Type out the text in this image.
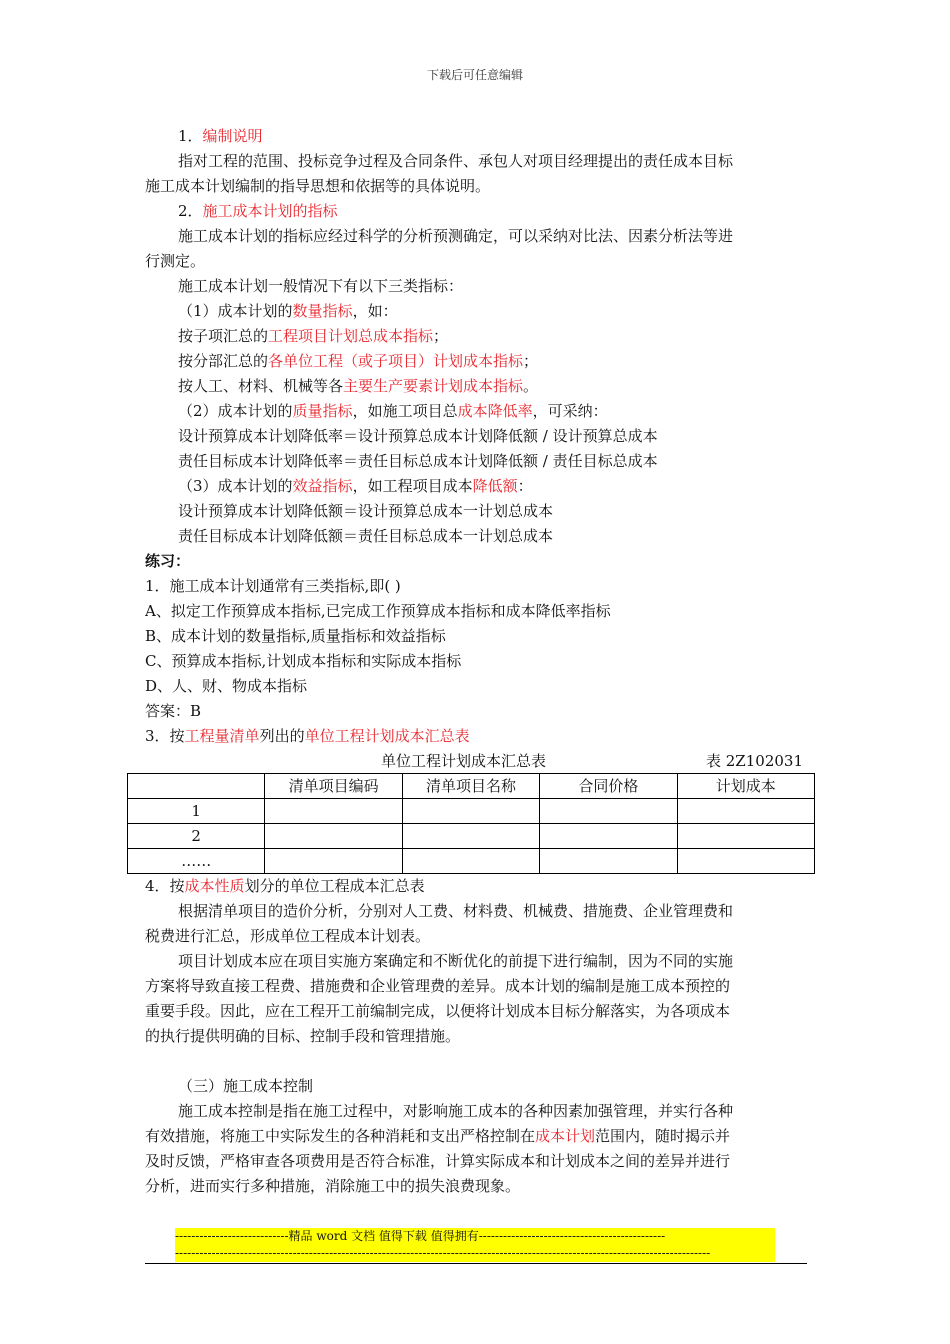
下载后可任意编辑
1．编制说明
指对工程的范围、投标竞争过程及合同条件、承包人对项目经理提出的责任成本目标
施工成本计划编制的指导思想和依据等的具体说明。
2．施工成本计划的指标
施工成本计划的指标应经过科学的分析预测确定，可以采纳对比法、因素分析法等进
行测定。
施工成本计划一般情况下有以下三类指标：
（1）成本计划的数量指标，如：
按子项汇总的工程项目计划总成本指标；
按分部汇总的各单位工程（或子项目）计划成本指标；
按人工、材料、机械等各主要生产要素计划成本指标。
（2）成本计划的质量指标，如施工项目总成本降低率，可采纳：
设计预算成本计划降低率＝设计预算总成本计划降低额 / 设计预算总成本
责任目标成本计划降低率＝责任目标总成本计划降低额 / 责任目标总成本
（3）成本计划的效益指标，如工程项目成本降低额：
设计预算成本计划降低额＝设计预算总成本一计划总成本
责任目标成本计划降低额＝责任目标总成本一计划总成本
练习：
1．施工成本计划通常有三类指标,即( )
A、拟定工作预算成本指标,已完成工作预算成本指标和成本降低率指标
B、成本计划的数量指标,质量指标和效益指标
C、预算成本指标,计划成本指标和实际成本指标
D、人、财、物成本指标
答案：B
3．按工程量清单列出的单位工程计划成本汇总表
单位工程计划成本汇总表	表 2Z102031
	清单项目编码	清单项目名称	合同价格	计划成本
1				
2				
……				
4．按成本性质划分的单位工程成本汇总表
根据清单项目的造价分析，分别对人工费、材料费、机械费、措施费、企业管理费和
税费进行汇总，形成单位工程成本计划表。
项目计划成本应在项目实施方案确定和不断优化的前提下进行编制，因为不同的实施
方案将导致直接工程费、措施费和企业管理费的差异。成本计划的编制是施工成本预控的
重要手段。因此，应在工程开工前编制完成，以便将计划成本目标分解落实，为各项成本
的执行提供明确的目标、控制手段和管理措施。
（三）施工成本控制
施工成本控制是指在施工过程中，对影响施工成本的各种因素加强管理，并实行各种
有效措施，将施工中实际发生的各种消耗和支出严格控制在成本计划范围内，随时揭示并
及时反馈，严格审查各项费用是否符合标准，计算实际成本和计划成本之间的差异并进行
分析，进而实行多种措施，消除施工中的损失浪费现象。
----------------------------精品 word 文档 值得下载 值得拥有----------------------------------------------
------------------------------------------------------------------------------------------------------------------------------------
